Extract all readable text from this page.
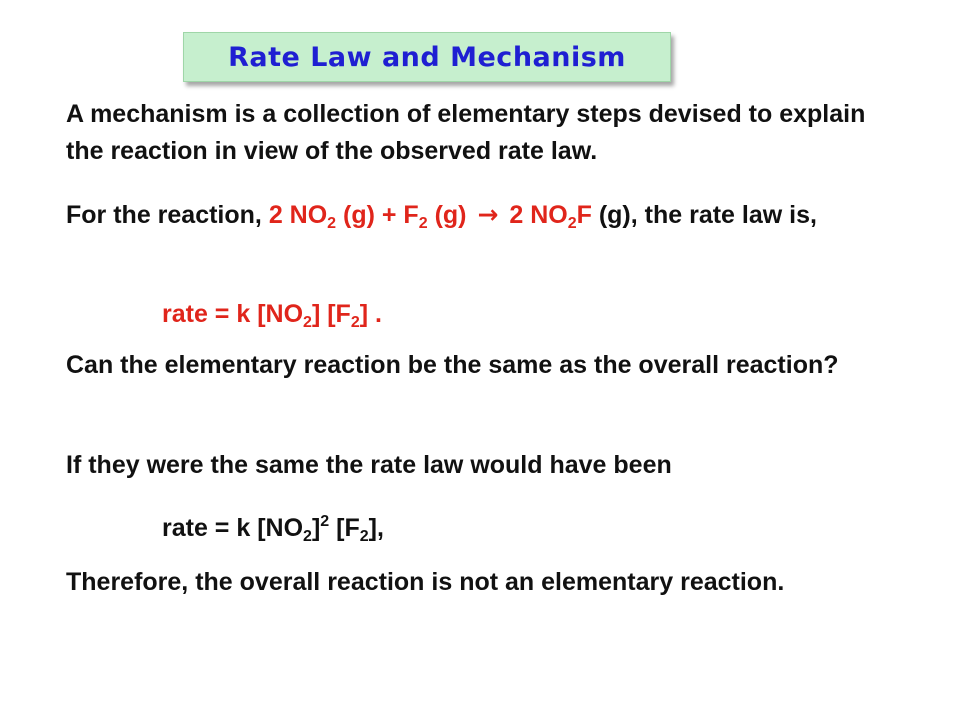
Rate Law and Mechanism
A mechanism is a collection of elementary steps devised to explain the reaction in view of the observed rate law.
For the reaction, 2 $NO_2$ $(g) + F_2$ (g) → 2 $NO_2F$ (g), the rate law is,
rate = k $[NO_2]$ $[F_2]$ .
Can the elementary reaction be the same as the overall reaction?
If they were the same the rate law would have been
rate = k $[NO_2]^2$ $[F_2]$,
Therefore, the overall reaction is not an elementary reaction.
